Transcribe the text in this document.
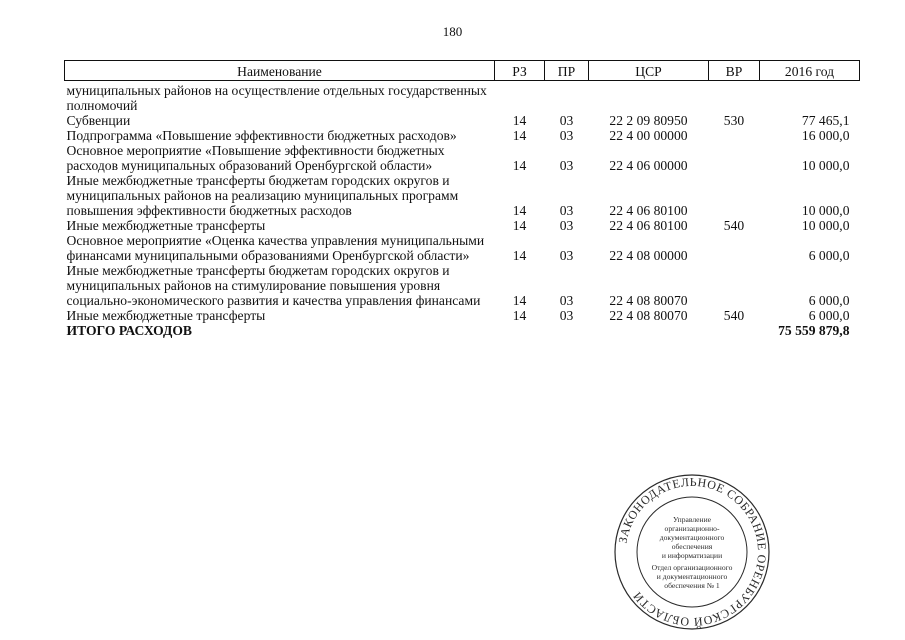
180
Наименование	РЗ	ПР	ЦСР	ВР	2016 год
муниципальных районов на осуществление отдельных государственных полномочий					
Субвенции	14	03	22 2 09 80950	530	77 465,1
Подпрограмма «Повышение эффективности бюджетных расходов»	14	03	22 4 00 00000		16 000,0
Основное мероприятие «Повышение эффективности бюджетных расходов муниципальных образований Оренбургской области»	14	03	22 4 06 00000		10 000,0
Иные межбюджетные трансферты бюджетам городских округов и муниципальных районов на реализацию муниципальных программ повышения эффективности бюджетных расходов	14	03	22 4 06 80100		10 000,0
Иные межбюджетные трансферты	14	03	22 4 06 80100	540	10 000,0
Основное мероприятие «Оценка качества управления муниципальными финансами муниципальными образованиями Оренбургской области»	14	03	22 4 08 00000		6 000,0
Иные межбюджетные трансферты бюджетам городских округов и муниципальных районов на стимулирование повышения уровня социально-экономического развития и качества управления финансами	14	03	22 4 08 80070		6 000,0
Иные межбюджетные трансферты	14	03	22 4 08 80070	540	6 000,0
ИТОГО РАСХОДОВ					75 559 879,8
ЗАКОНОДАТЕЛЬНОЕ СОБРАНИЕ ОРЕНБУРГСКОЙ ОБЛАСТИ
Управление
организационно-
документационного
обеспечения
и информатизации
Отдел организационного
и документационного
обеспечения № 1
